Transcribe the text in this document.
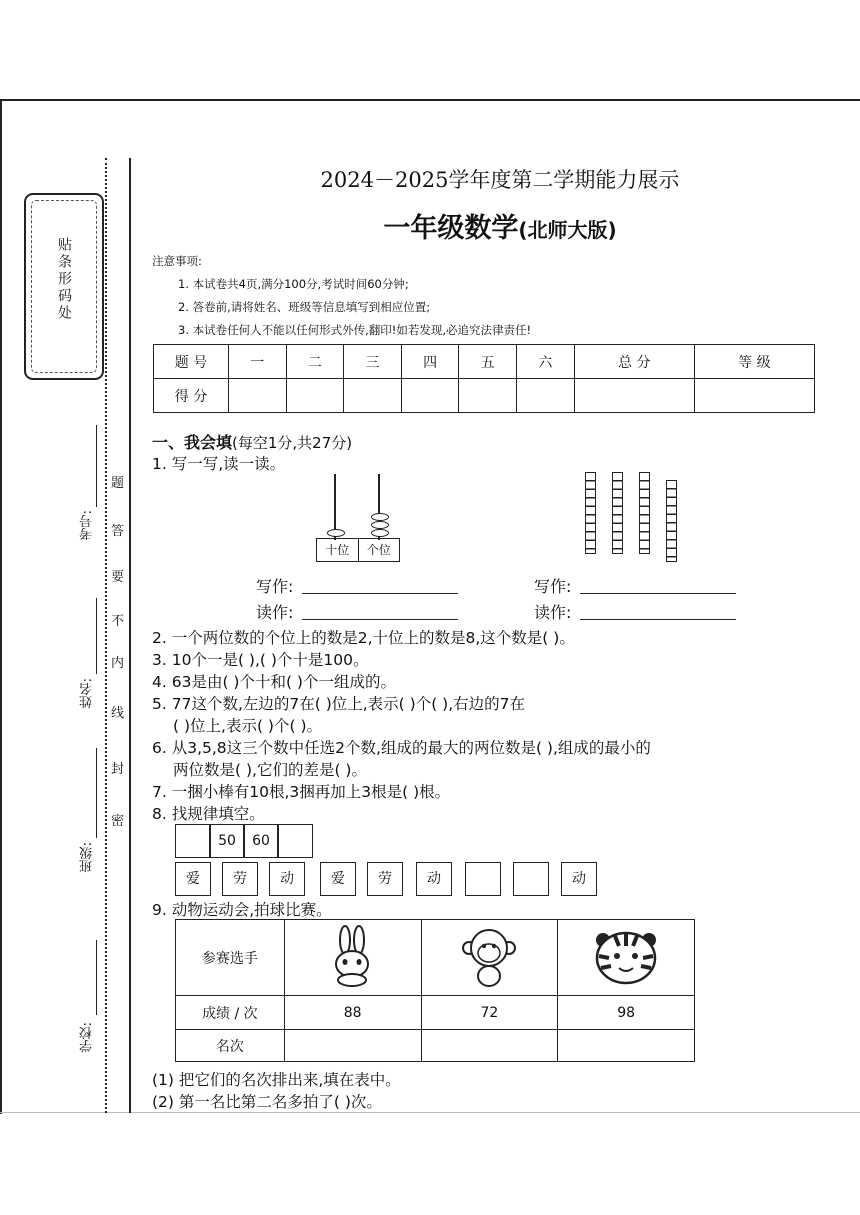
贴条形码处
学校:
班级:
姓名:
考号:
密
封
线
内
不
要
答
题
2024－2025学年度第二学期能力展示
一年级数学(北师大版)
注意事项:
1. 本试卷共4页,满分100分,考试时间60分钟;
2. 答卷前,请将姓名、班级等信息填写到相应位置;
3. 本试卷任何人不能以任何形式外传,翻印!如若发现,必追究法律责任!
题 号	一	二	三	四	五	六	总 分	等 级
得 分								
一、我会填(每空1分,共27分)
1. 写一写,读一读。
十位	个位
写作:
读作:
写作:
读作:
2. 一个两位数的个位上的数是2,十位上的数是8,这个数是( )。
3. 10个一是( ),( )个十是100。
4. 63是由( )个十和( )个一组成的。
5. 77这个数,左边的7在( )位上,表示( )个( ),右边的7在
( )位上,表示( )个( )。
6. 从3,5,8这三个数中任选2个数,组成的最大的两位数是( ),组成的最小的
两位数是( ),它们的差是( )。
7. 一捆小棒有10根,3捆再加上3根是( )根。
8. 找规律填空。
50	60
爱	劳	动	爱	劳	动	动
9. 动物运动会,拍球比赛。
参赛选手			
成绩 / 次	88	72	98
名次			
(1) 把它们的名次排出来,填在表中。
(2) 第一名比第二名多拍了( )次。
